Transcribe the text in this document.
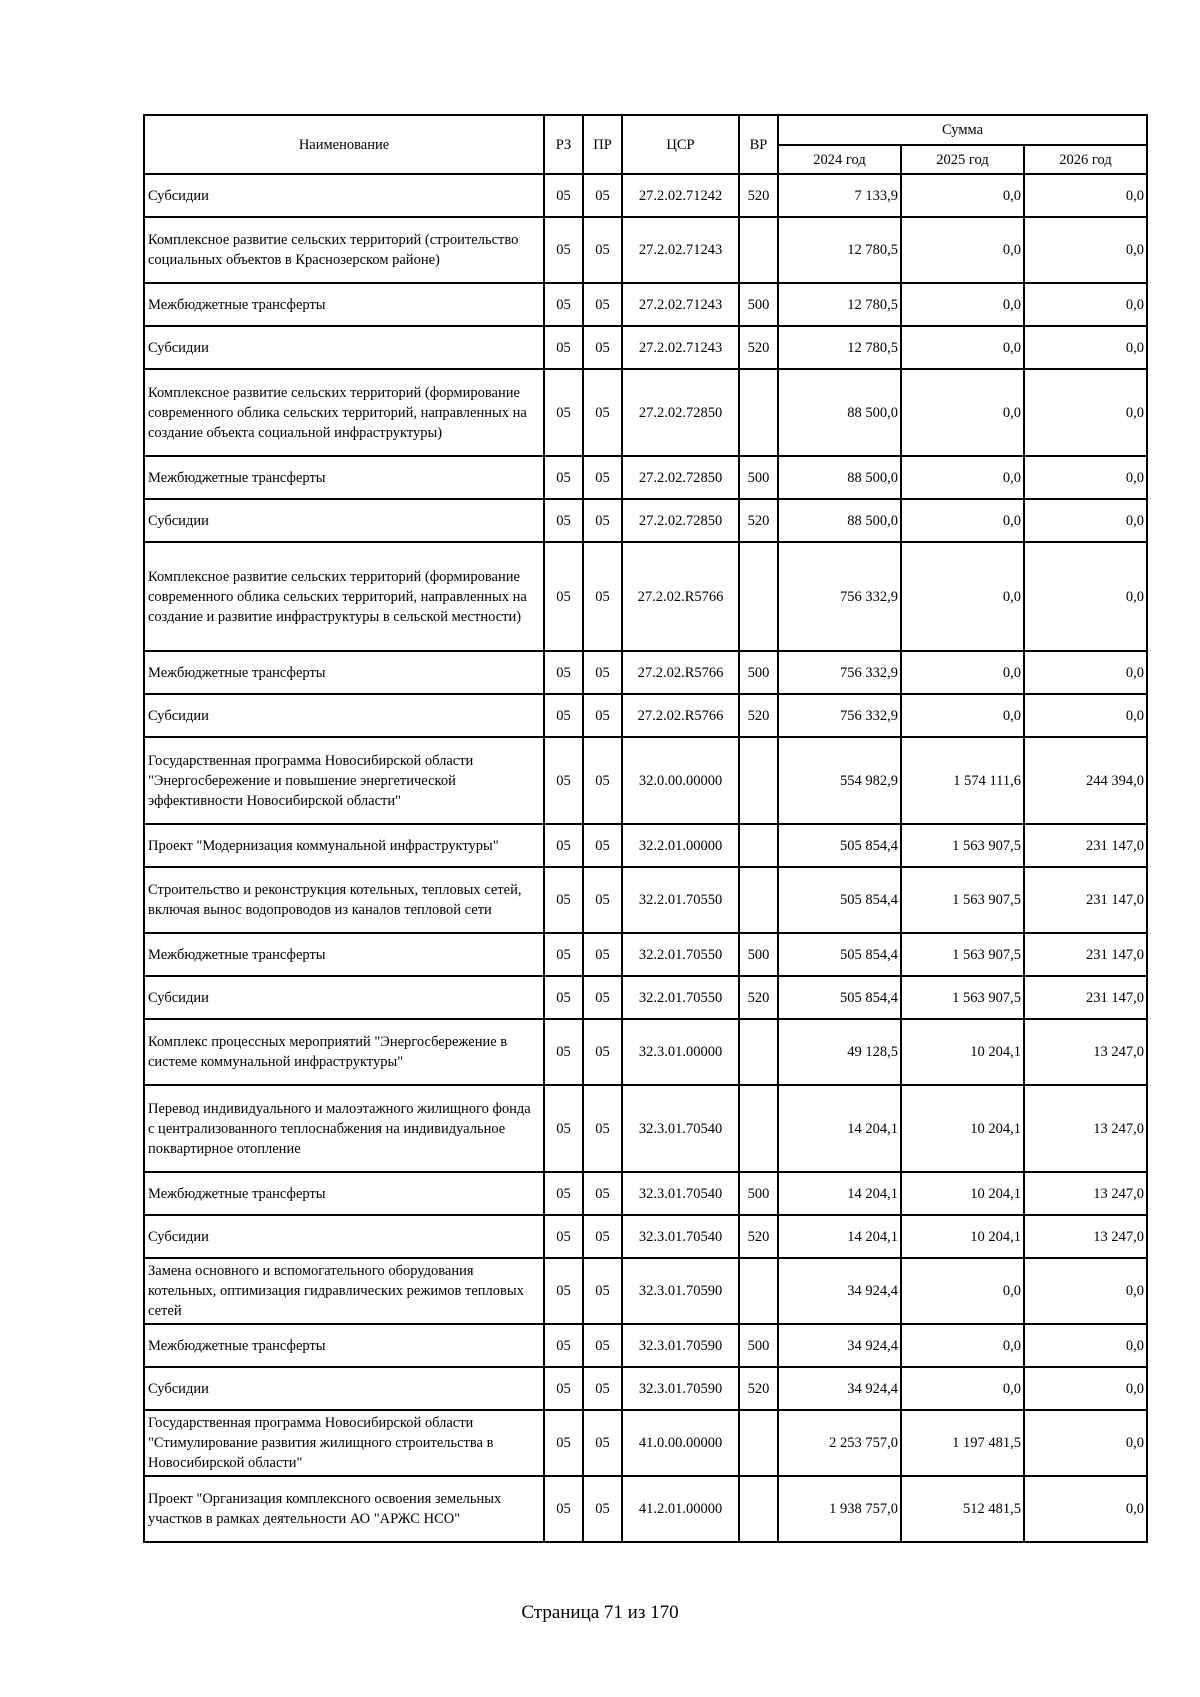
Наименование	РЗ	ПР	ЦСР	ВР	Сумма		
					2024 год	2025 год	2026 год
Субсидии	05	05	27.2.02.71242	520	7 133,9	0,0	0,0
Комплексное развитие сельских территорий (строительство социальных объектов в Краснозерском районе)	05	05	27.2.02.71243		12 780,5	0,0	0,0
Межбюджетные трансферты	05	05	27.2.02.71243	500	12 780,5	0,0	0,0
Субсидии	05	05	27.2.02.71243	520	12 780,5	0,0	0,0
Комплексное развитие сельских территорий (формирование современного облика сельских территорий, направленных на создание объекта социальной инфраструктуры)	05	05	27.2.02.72850		88 500,0	0,0	0,0
Межбюджетные трансферты	05	05	27.2.02.72850	500	88 500,0	0,0	0,0
Субсидии	05	05	27.2.02.72850	520	88 500,0	0,0	0,0
Комплексное развитие сельских территорий (формирование современного облика сельских территорий, направленных на создание и развитие инфраструктуры в сельской местности)	05	05	27.2.02.R5766		756 332,9	0,0	0,0
Межбюджетные трансферты	05	05	27.2.02.R5766	500	756 332,9	0,0	0,0
Субсидии	05	05	27.2.02.R5766	520	756 332,9	0,0	0,0
Государственная программа Новосибирской области "Энергосбережение и повышение энергетической эффективности Новосибирской области"	05	05	32.0.00.00000		554 982,9	1 574 111,6	244 394,0
Проект "Модернизация коммунальной инфраструктуры"	05	05	32.2.01.00000		505 854,4	1 563 907,5	231 147,0
Строительство и реконструкция котельных, тепловых сетей, включая вынос водопроводов из каналов тепловой сети	05	05	32.2.01.70550		505 854,4	1 563 907,5	231 147,0
Межбюджетные трансферты	05	05	32.2.01.70550	500	505 854,4	1 563 907,5	231 147,0
Субсидии	05	05	32.2.01.70550	520	505 854,4	1 563 907,5	231 147,0
Комплекс процессных мероприятий "Энергосбережение в системе коммунальной инфраструктуры"	05	05	32.3.01.00000		49 128,5	10 204,1	13 247,0
Перевод индивидуального и малоэтажного жилищного фонда с централизованного теплоснабжения на индивидуальное поквартирное отопление	05	05	32.3.01.70540		14 204,1	10 204,1	13 247,0
Межбюджетные трансферты	05	05	32.3.01.70540	500	14 204,1	10 204,1	13 247,0
Субсидии	05	05	32.3.01.70540	520	14 204,1	10 204,1	13 247,0
Замена основного и вспомогательного оборудования котельных, оптимизация гидравлических режимов тепловых сетей	05	05	32.3.01.70590		34 924,4	0,0	0,0
Межбюджетные трансферты	05	05	32.3.01.70590	500	34 924,4	0,0	0,0
Субсидии	05	05	32.3.01.70590	520	34 924,4	0,0	0,0
Государственная программа Новосибирской области "Стимулирование развития жилищного строительства в Новосибирской области"	05	05	41.0.00.00000		2 253 757,0	1 197 481,5	0,0
Проект "Организация комплексного освоения земельных участков в рамках деятельности АО "АРЖС НСО"	05	05	41.2.01.00000		1 938 757,0	512 481,5	0,0
Страница 71 из 170
